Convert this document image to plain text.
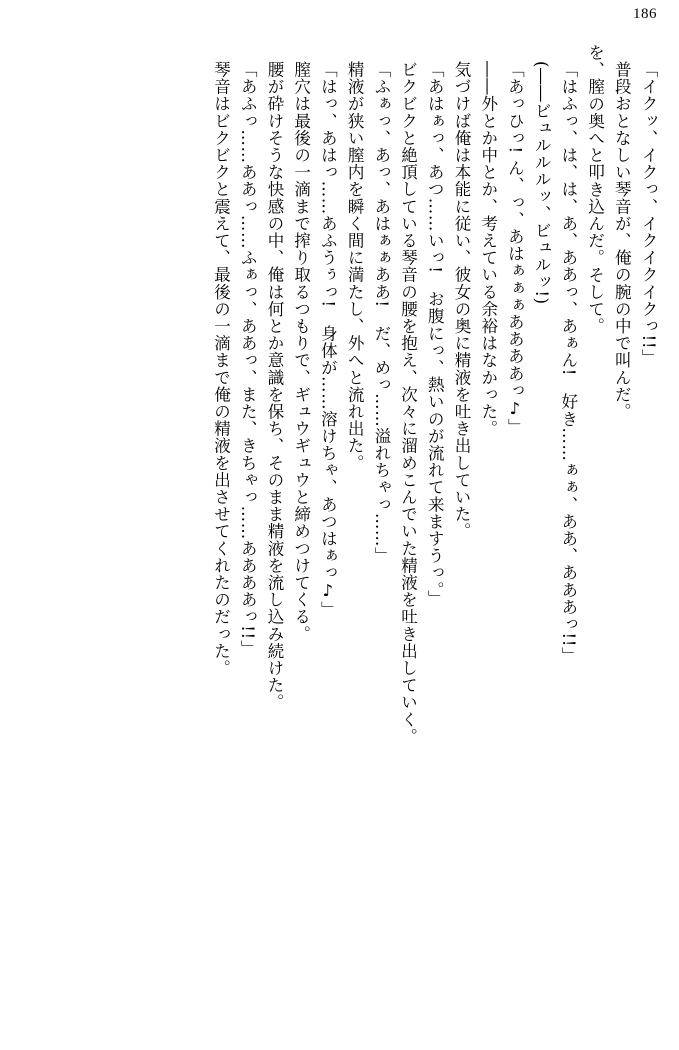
186

「イクッ、イクっ、イクイクイクっ!!」

普段おとなしい琴音が、俺の腕の中で叫んだ。

を、膣の奥へと叩き込んだ。そして。

「はふっ、は、は、あ、ああっ、あぁん!　好き……ぁぁ、ああ、あああっ!!」

(――ビュルルルッ、ビュルッ!)

「あっひっ! ん、っ、あはぁぁぁああああっ♪」

――外とか中とか、考えている余裕はなかった。

気づけば俺は本能に従い、彼女の奥に精液を吐き出していた。

「あはぁっ、あつ……いっ!　お腹にっ、熱いのが流れて来ますうっ。」

ビクビクと絶頂している琴音の腰を抱え、次々に溜めこんでいた精液を吐き出していく。

「ふぁっ、あっ、あはぁぁああ!　だ、めっ……溢れちゃっ……」

精液が狭い膣内を瞬く間に満たし、外へと流れ出た。

「はっ、あはっ……あふうぅっ!　身体が……溶けちゃ、あつはぁっ♪」

膣穴は最後の一滴まで搾り取るつもりで、ギュウギュウと締めつけてくる。

腰が砕けそうな快感の中、俺は何とか意識を保ち、そのまま精液を流し込み続けた。

「あふっ……ああっ……ふぁっ、ああっ、また、きちゃっ……ああああっ!!」

琴音はビクビクと震えて、最後の一滴まで俺の精液を出させてくれたのだった。
